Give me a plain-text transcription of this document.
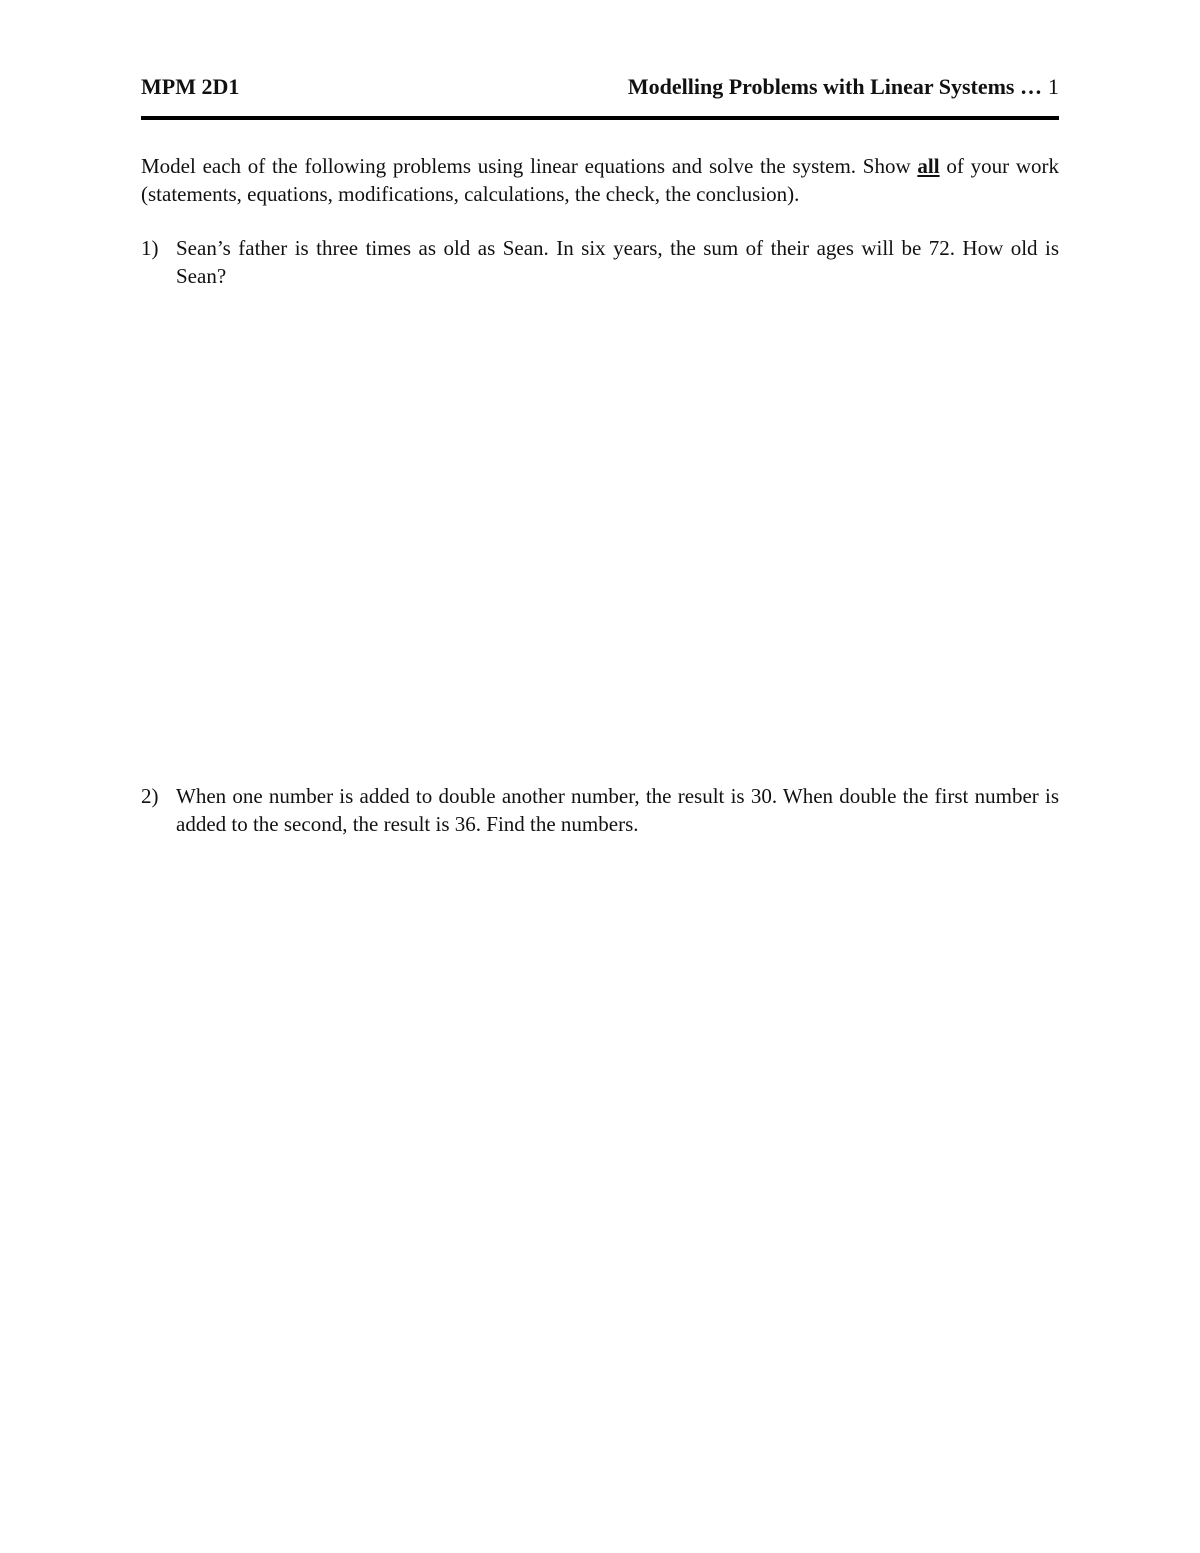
MPM 2D1	Modelling Problems with Linear Systems … 1
Model each of the following problems using linear equations and solve the system. Show all of your work (statements, equations, modifications, calculations, the check, the conclusion).
1) Sean’s father is three times as old as Sean. In six years, the sum of their ages will be 72. How old is Sean?
2) When one number is added to double another number, the result is 30. When double the first number is added to the second, the result is 36. Find the numbers.
